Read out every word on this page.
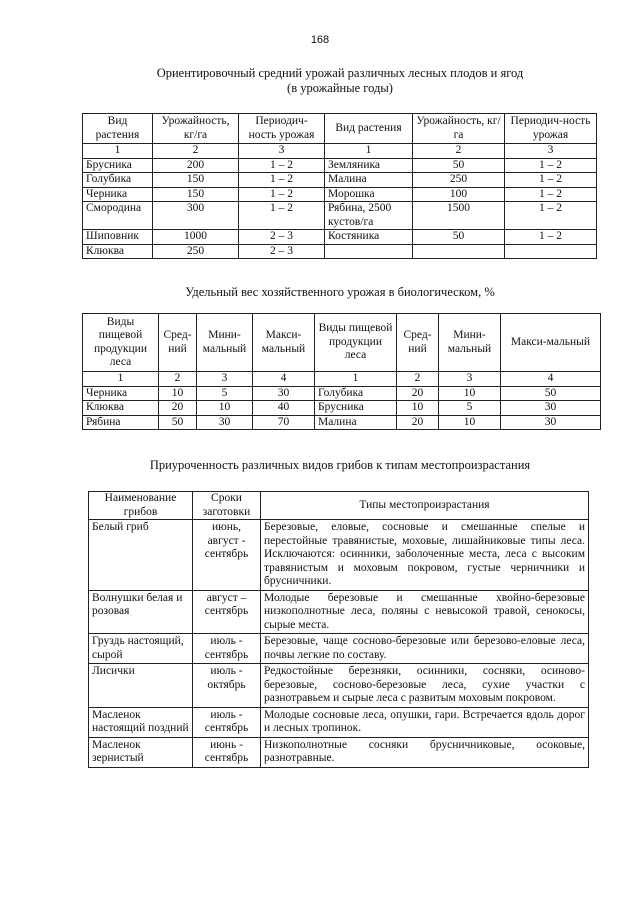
168
Ориентировочный средний урожай различных лесных плодов и ягод
(в урожайные годы)
Вид растения	Урожайность, кг/га	Периодич-ность урожая	Вид растения	Урожайность, кг/га	Периодич-ность урожая
1	2	3	1	2	3
Брусника	200	1 – 2	Земляника	50	1 – 2
Голубика	150	1 – 2	Малина	250	1 – 2
Черника	150	1 – 2	Морошка	100	1 – 2
Смородина	300	1 – 2	Рябина, 2500 кустов/га	1500	1 – 2
Шиповник	1000	2 – 3	Костяника	50	1 – 2
Клюква	250	2 – 3			
Удельный вес хозяйственного урожая в биологическом, %
Виды пищевой продукции леса	Сред-ний	Мини-мальный	Макси-мальный	Виды пищевой продукции леса	Сред-ний	Мини-мальный	Макси-мальный
1	2	3	4	1	2	3	4
Черника	10	5	30	Голубика	20	10	50
Клюква	20	10	40	Брусника	10	5	30
Рябина	50	30	70	Малина	20	10	30
Приуроченность различных видов грибов к типам местопроизрастания
Наименование грибов	Сроки заготовки	Типы местопроизрастания
Белый гриб	июнь, август - сентябрь	Березовые, еловые, сосновые и смешанные спелые и перестойные травянистые, моховые, лишайниковые типы леса. Исключаются: осинники, заболоченные места, леса с высоким травянистым и моховым покровом, густые черничники и брусничники.
Волнушки белая и розовая	август – сентябрь	Молодые березовые и смешанные хвойно-березовые низкополнотные леса, поляны с невысокой травой, сенокосы, сырые места.
Груздь настоящий, сырой	июль - сентябрь	Березовые, чаще сосново-березовые или березово-еловые леса, почвы легкие по составу.
Лисички	июль - октябрь	Редкостойные березняки, осинники, сосняки, осиново-березовые, сосново-березовые леса, сухие участки с разнотравьем и сырые леса с развитым моховым покровом.
Масленок настоящий поздний	июль - сентябрь	Молодые сосновые леса, опушки, гари. Встречается вдоль дорог и лесных тропинок.
Масленок зернистый	июнь - сентябрь	Низкополнотные сосняки брусничниковые, осоковые, разнотравные.
